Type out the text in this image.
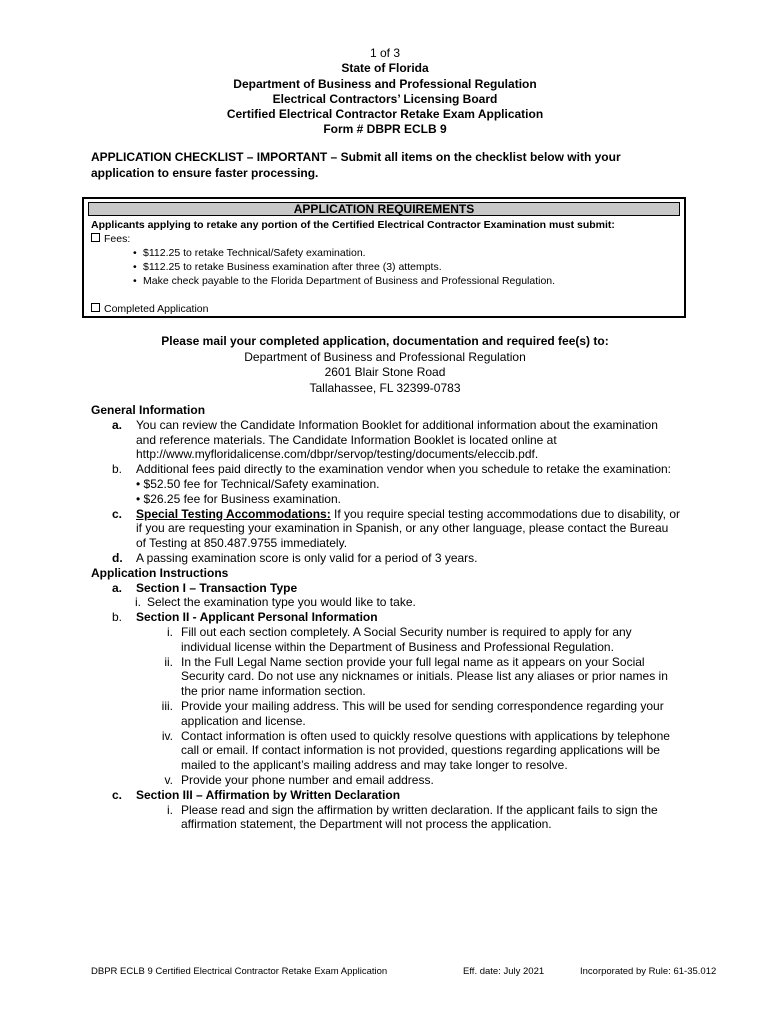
1 of 3
State of Florida
Department of Business and Professional Regulation
Electrical Contractors’ Licensing Board
Certified Electrical Contractor Retake Exam Application
Form # DBPR ECLB 9
APPLICATION CHECKLIST – IMPORTANT – Submit all items on the checklist below with your application to ensure faster processing.
APPLICATION REQUIREMENTS
Applicants applying to retake any portion of the Certified Electrical Contractor Examination must submit:
Fees:
• $112.25 to retake Technical/Safety examination.
• $112.25 to retake Business examination after three (3) attempts.
• Make check payable to the Florida Department of Business and Professional Regulation.
Completed Application
Please mail your completed application, documentation and required fee(s) to:
Department of Business and Professional Regulation
2601 Blair Stone Road
Tallahassee, FL 32399-0783
General Information
a.	You can review the Candidate Information Booklet for additional information about the examination and reference materials. The Candidate Information Booklet is located online at http://www.myfloridalicense.com/dbpr/servop/testing/documents/eleccib.pdf.
b.	Additional fees paid directly to the examination vendor when you schedule to retake the examination:
• $52.50 fee for Technical/Safety examination.
• $26.25 fee for Business examination.
c.	Special Testing Accommodations: If you require special testing accommodations due to disability, or if you are requesting your examination in Spanish, or any other language, please contact the Bureau of Testing at 850.487.9755 immediately.
d.	A passing examination score is only valid for a period of 3 years.
Application Instructions
a.	Section I – Transaction Type
i. Select the examination type you would like to take.
b.	Section II - Applicant Personal Information
i. Fill out each section completely. A Social Security number is required to apply for any individual license within the Department of Business and Professional Regulation.
ii. In the Full Legal Name section provide your full legal name as it appears on your Social Security card. Do not use any nicknames or initials. Please list any aliases or prior names in the prior name information section.
iii. Provide your mailing address. This will be used for sending correspondence regarding your application and license.
iv. Contact information is often used to quickly resolve questions with applications by telephone call or email. If contact information is not provided, questions regarding applications will be mailed to the applicant’s mailing address and may take longer to resolve.
v. Provide your phone number and email address.
c.	Section III – Affirmation by Written Declaration
i. Please read and sign the affirmation by written declaration. If the applicant fails to sign the affirmation statement, the Department will not process the application.
DBPR ECLB 9 Certified Electrical Contractor Retake Exam Application	Eff. date: July 2021	Incorporated by Rule: 61-35.012
